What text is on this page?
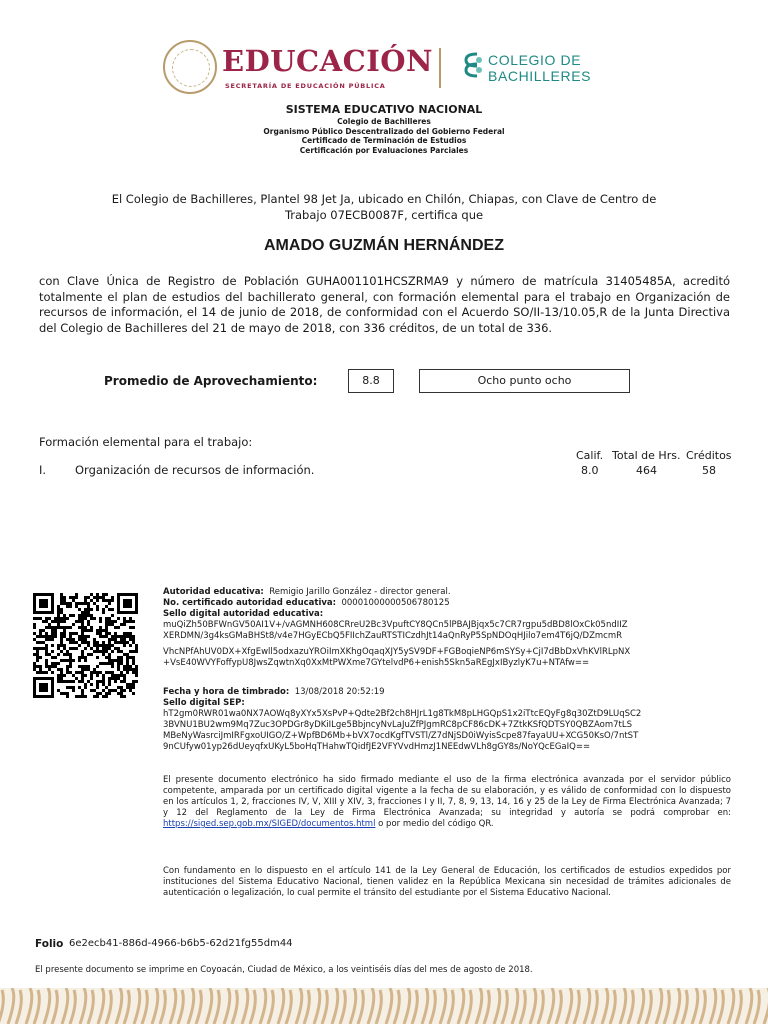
EDUCACIÓN
SECRETARÍA DE EDUCACIÓN PÚBLICA
COLEGIO DE
BACHILLERES
SISTEMA EDUCATIVO NACIONAL
Colegio de Bachilleres
Organismo Público Descentralizado del Gobierno Federal
Certificado de Terminación de Estudios
Certificación por Evaluaciones Parciales
El Colegio de Bachilleres, Plantel 98 Jet Ja, ubicado en Chilón, Chiapas, con Clave de Centro de Trabajo 07ECB0087F, certifica que
AMADO GUZMÁN HERNÁNDEZ
con Clave Única de Registro de Población GUHA001101HCSZRMA9 y número de matrícula 31405485A, acreditó totalmente el plan de estudios del bachillerato general, con formación elemental para el trabajo en Organización de recursos de información, el 14 de junio de 2018, de conformidad con el Acuerdo SO/II-13/10.05,R de la Junta Directiva del Colegio de Bachilleres del 21 de mayo de 2018, con 336 créditos, de un total de 336.
Promedio de Aprovechamiento:	8.8	Ocho punto ocho
Formación elemental para el trabajo:
Calif. Total de Hrs. Créditos
I.	Organización de recursos de información.	8.0	464	58
Autoridad educativa: Remigio Jarillo González - director general.
No. certificado autoridad educativa: 00001000000506780125
Sello digital autoridad educativa:
muQiZh50BFWnGV50AI1V+/vAGMNH608CRreU2Bc3VpuftCY8QCn5lPBAJBjqx5c7CR7rgpu5dBD8lOxCk05ndIIZ
XERDMN/3g4ksGMaBHSt8/v4e7HGyECbQ5FIIchZauRTSTICzdhJt14aQnRyP5SpNDOqHJilo7em4T6jQ/DZmcmR
VhcNPfAhUV0DX+XfgEwll5odxazuYROiImXKhgOqaqXJY5ySV9DF+FGBoqieNP6mSYSy+CjI7dBbDxVhKVlRLpNX
+VsE40WVYFoffypU8JwsZqwtnXq0XxMtPWXme7GYtelvdP6+enish5Skn5aREgJxIByzlyK7u+NTAfw==
Fecha y hora de timbrado: 13/08/2018 20:52:19
Sello digital SEP:
hT2gm0RWR01wa0NX7AOWq8yXYx5XsPvP+Qdte2Bf2ch8HJrL1g8TkM8pLHGQpS1x2iTtcEQyFg8q30ZtD9LUqSC2
3BVNU1BU2wm9Mq7Zuc3OPDGr8yDKiILge5BbjncyNvLaJuZfPJgmRC8pCF86cDK+7ZtkKSfQDTSY0QBZAom7tLS
MBeNyWasrciJmIRFgxoUIGO/Z+WpfBD6Mb+bVX7ocdKgfTVSTl/Z7dNjSD0iWyisScpe87fayaUU+XCG50KsO/7ntST
9nCUfyw01yp26dUeyqfxUKyL5boHqTHahwTQidfJE2VFYVvdHmzJ1NEEdwVLh8gGY8s/NoYQcEGaIQ==
El presente documento electrónico ha sido firmado mediante el uso de la firma electrónica avanzada por el servidor público competente, amparada por un certificado digital vigente a la fecha de su elaboración, y es válido de conformidad con lo dispuesto en los artículos 1, 2, fracciones IV, V, XIII y XIV, 3, fracciones I y II, 7, 8, 9, 13, 14, 16 y 25 de la Ley de Firma Electrónica Avanzada; 7 y 12 del Reglamento de la Ley de Firma Electrónica Avanzada; su integridad y autoría se podrá comprobar en: https://siged.sep.gob.mx/SIGED/documentos.html o por medio del código QR.
Con fundamento en lo dispuesto en el artículo 141 de la Ley General de Educación, los certificados de estudios expedidos por instituciones del Sistema Educativo Nacional, tienen validez en la República Mexicana sin necesidad de trámites adicionales de autenticación o legalización, lo cual permite el tránsito del estudiante por el Sistema Educativo Nacional.
Folio 6e2ecb41-886d-4966-b6b5-62d21fg55dm44
El presente documento se imprime en Coyoacán, Ciudad de México, a los veintiséis días del mes de agosto de 2018.
